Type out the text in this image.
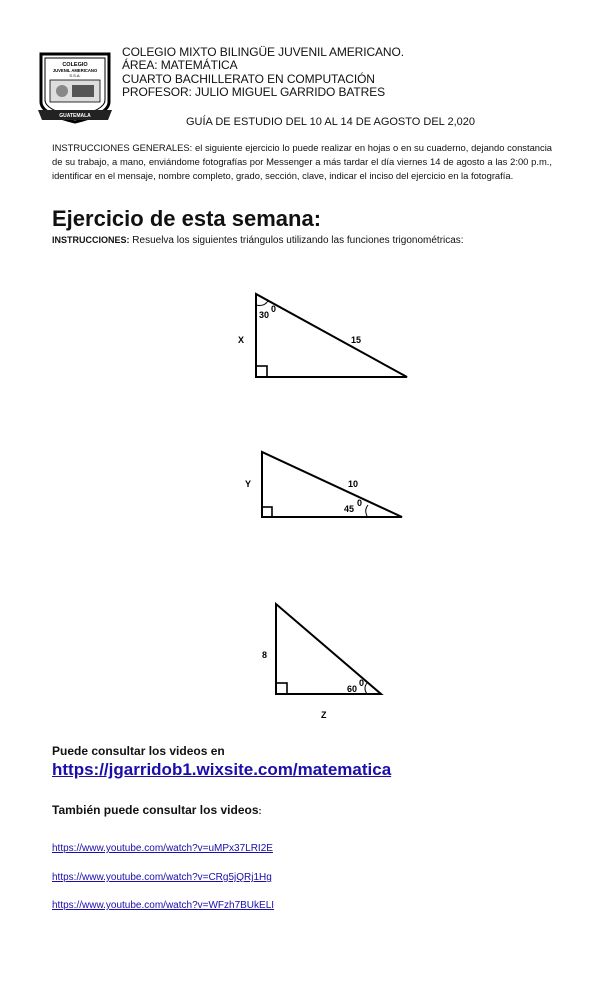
COLEGIO
JUVENIL AMERICANO
S.S.A.
GUATEMALA
COLEGIO MIXTO BILINGÜE JUVENIL AMERICANO.
ÁREA: MATEMÁTICA
CUARTO BACHILLERATO EN COMPUTACIÓN
PROFESOR: JULIO MIGUEL GARRIDO BATRES
GUÍA DE ESTUDIO DEL 10 AL 14 DE AGOSTO DEL 2,020
INSTRUCCIONES GENERALES: el siguiente ejercicio lo puede realizar en hojas o en su cuaderno, dejando constancia de su trabajo, a mano, enviándome fotografías por Messenger a más tardar el día viernes 14 de agosto a las 2:00 p.m., identificar en el mensaje, nombre completo, grado, sección, clave, indicar el inciso del ejercicio en la fotografía.
Ejercicio de esta semana:
INSTRUCCIONES: Resuelva los siguientes triángulos utilizando las funciones trigonométricas:
30
0
X	15
45
0
Y	10
60
0
8
Z
Puede consultar los videos en
https://jgarridob1.wixsite.com/matematica
También puede consultar los videos:
https://www.youtube.com/watch?v=uMPx37LRI2E
https://www.youtube.com/watch?v=CRg5jQRj1Hg
https://www.youtube.com/watch?v=WFzh7BUkELI
